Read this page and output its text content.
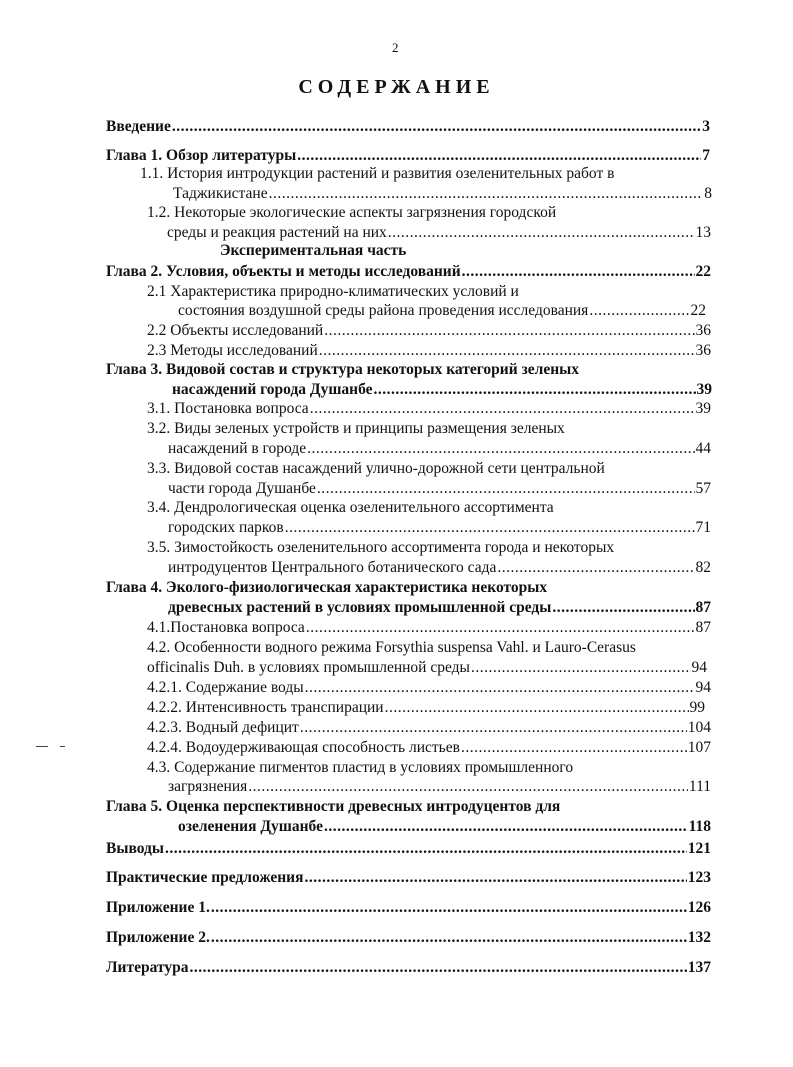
2
СОДЕРЖАНИЕ
Введение .....	3
Глава 1. Обзор литературы .....	7
1.1. История интродукции растений и развития озеленительных работ в
Таджикистане .....	8
1.2. Некоторые экологические аспекты загрязнения городской
среды и реакция растений на них .....	13
Экспериментальная часть
Глава 2. Условия, объекты и методы исследований .....	22
2.1 Характеристика природно-климатических условий и
состояния воздушной среды района проведения исследования .....	22
2.2 Объекты исследований .....	36
2.3 Методы исследований .....	36
Глава 3. Видовой состав и структура некоторых категорий зеленых
насаждений города Душанбе .....	39
3.1. Постановка вопроса .....	39
3.2. Виды зеленых устройств и принципы размещения зеленых
насаждений в городе .....	44
3.3. Видовой состав насаждений улично-дорожной сети центральной
части города Душанбе .....	57
3.4. Дендрологическая оценка озеленительного ассортимента
городских парков .....	71
3.5. Зимостойкость озеленительного ассортимента города и некоторых
интродуцентов Центрального ботанического сада .....	82
Глава 4. Эколого-физиологическая характеристика некоторых
древесных растений в условиях промышленной среды .....	87
4.1.Постановка вопроса .....	87
4.2. Особенности водного режима Forsythia suspensa Vahl. и Lauro-Cerasus
officinalis Duh. в условиях промышленной среды .....	94
4.2.1. Содержание воды .....	94
4.2.2. Интенсивность транспирации .....	99
4.2.3. Водный дефицит .....	104
4.2.4. Водоудерживающая способность листьев .....	107
4.3. Содержание пигментов пластид в условиях промышленного
загрязнения .....	111
Глава 5. Оценка перспективности древесных интродуцентов для
озеленения Душанбе .....	118
Выводы .....	121
Практические предложения .....	123
Приложение 1. .....	126
Приложение 2. .....	132
Литература .....	137
